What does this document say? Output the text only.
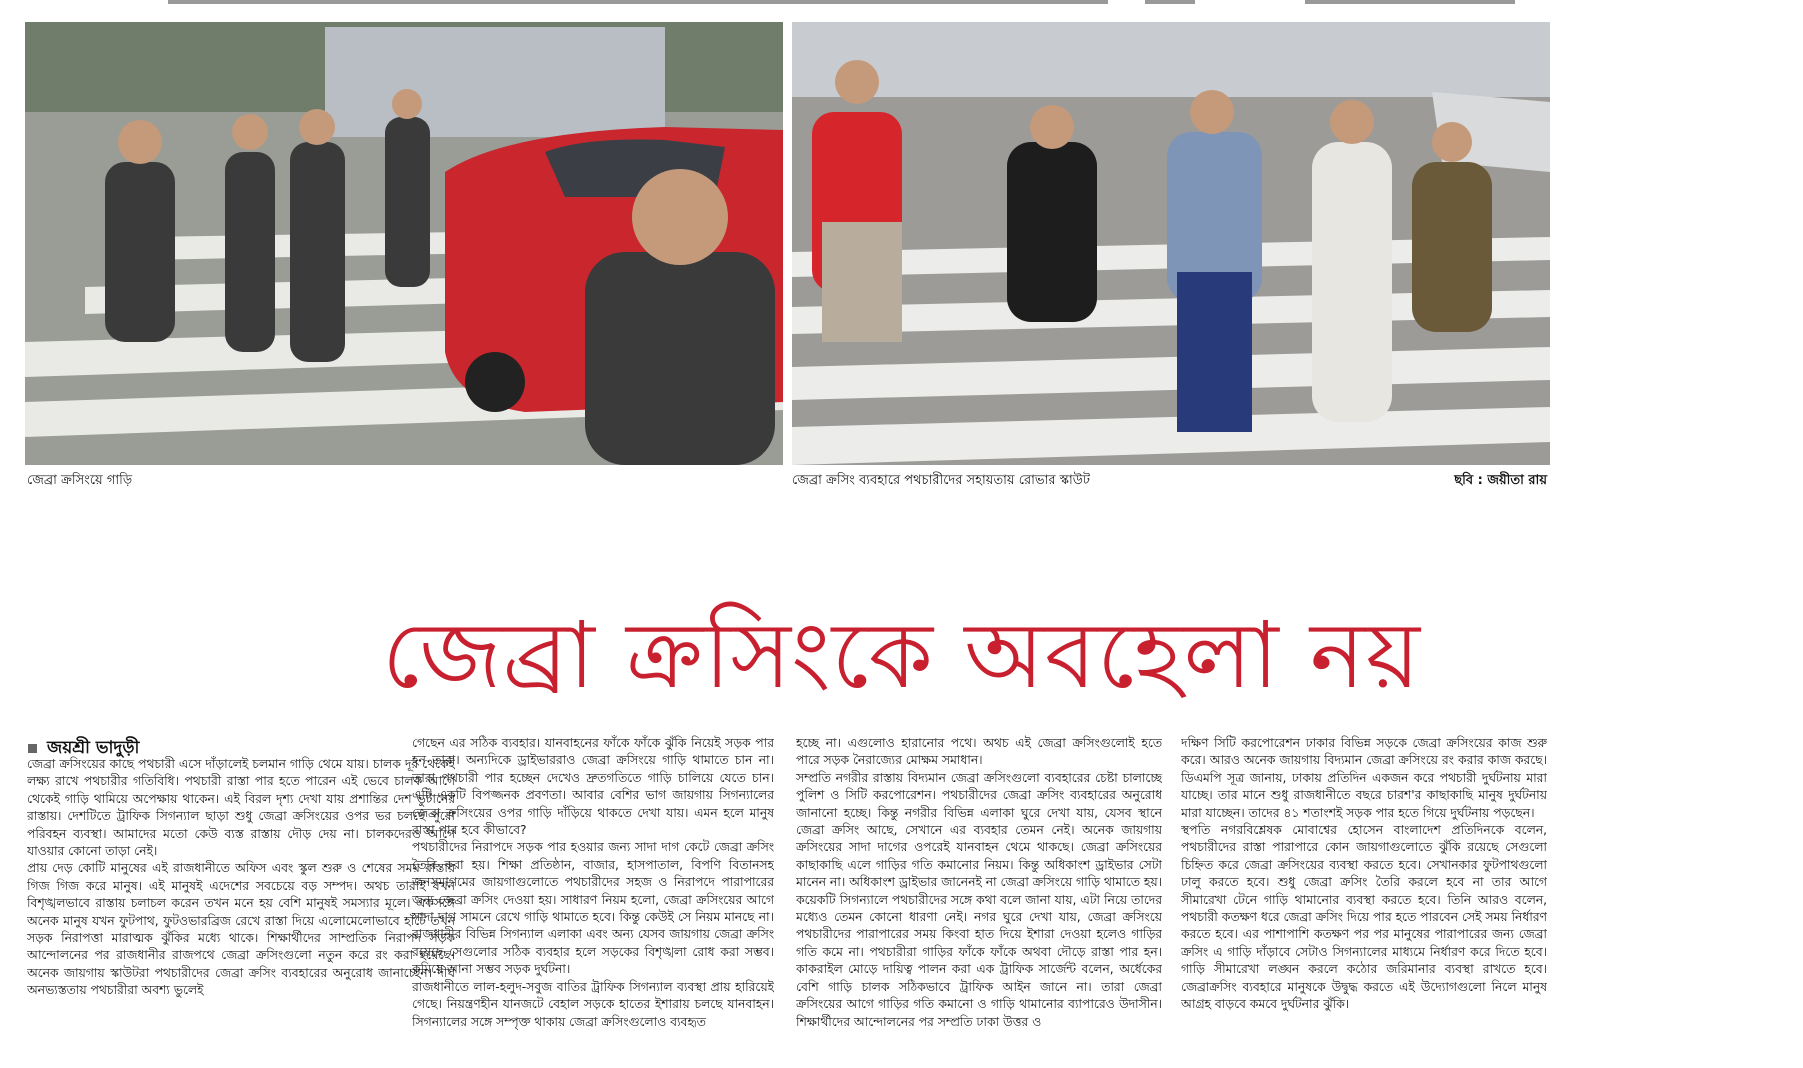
জেব্রা ক্রসিংয়ে গাড়ি	জেব্রা ক্রসিং ব্যবহারে পথচারীদের সহায়তায় রোভার স্কাউট	ছবি : জয়ীতা রায়
জেব্রা ক্রসিংকে অবহেলা নয়
জয়শ্রী ভাদুড়ী

জেব্রা ক্রসিংয়ের কাছে পথচারী এসে দাঁড়ালেই চলমান গাড়ি থেমে যায়। চালক দূর থেকেই লক্ষ্য রাখে পথচারীর গতিবিধি। পথচারী রাস্তা পার হতে পারেন এই ভেবে চালক আগে থেকেই গাড়ি থামিয়ে অপেক্ষায় থাকেন। এই বিরল দৃশ্য দেখা যায় প্রশান্তির দেশ ভুটানের রাস্তায়। দেশটিতে ট্রাফিক সিগন্যাল ছাড়া শুধু জেব্রা ক্রসিংয়ের ওপর ভর চলছে পুরো পরিবহন ব্যবস্থা। আমাদের মতো কেউ ব্যস্ত রাস্তায় দৌড় দেয় না। চালকদেরও আগে যাওয়ার কোনো তাড়া নেই।

প্রায় দেড় কোটি মানুষের এই রাজধানীতে অফিস এবং স্কুল শুরু ও শেষের সময় রাস্তায় গিজ গিজ করে মানুষ। এই মানুষই এদেশের সবচেয়ে বড় সম্পদ। অথচ তারাই যখন বিশৃঙ্খলভাবে রাস্তায় চলাচল করেন তখন মনে হয় বেশি মানুষই সমস্যার মূলে। একসঙ্গে অনেক মানুষ যখন ফুটপাথ, ফুটওভারব্রিজ রেখে রাস্তা দিয়ে এলোমেলোভাবে হাঁটে তখন সড়ক নিরাপত্তা মারাত্মক ঝুঁকির মধ্যে থাকে। শিক্ষার্থীদের সাম্প্রতিক নিরাপদ সড়ক আন্দোলনের পর রাজধানীর রাজপথে জেব্রা ক্রসিংগুলো নতুন করে রং করা হয়েছে। অনেক জায়গায় স্কাউটরা পথচারীদের জেব্রা ক্রসিং ব্যবহারের অনুরোধ জানাচ্ছেন। দীর্ঘ অনভ্যস্ততায় পথচারীরা অবশ্য ভুলেই

গেছেন এর সঠিক ব্যবহার। যানবাহনের ফাঁকে ফাঁকে ঝুঁকি নিয়েই সড়ক পার হন তারা। অন্যদিকে ড্রাইভাররাও জেব্রা ক্রসিংয়ে গাড়ি থামাতে চান না। তারা পথচারী পার হচ্ছেন দেখেও দ্রুতগতিতে গাড়ি চালিয়ে যেতে চান। এটি একটি বিপজ্জনক প্রবণতা। আবার বেশির ভাগ জায়গায় সিগন্যালের জেব্রা ক্রসিংয়ের ওপর গাড়ি দাঁড়িয়ে থাকতে দেখা যায়। এমন হলে মানুষ রাস্তা পার হবে কীভাবে?

পথচারীদের নিরাপদে সড়ক পার হওয়ার জন্য সাদা দাগ কেটে জেব্রা ক্রসিং তৈরি করা হয়। শিক্ষা প্রতিষ্ঠান, বাজার, হাসপাতাল, বিপণি বিতানসহ জনসমাগমের জায়গাগুলোতে পথচারীদের সহজ ও নিরাপদে পারাপারের জন্য জেব্রা ক্রসিং দেওয়া হয়। সাধারণ নিয়ম হলো, জেব্রা ক্রসিংয়ের আগে সাদা দাগ সামনে রেখে গাড়ি থামাতে হবে। কিন্তু কেউই সে নিয়ম মানছে না। রাজধানীর বিভিন্ন সিগন্যাল এলাকা এবং অন্য যেসব জায়গায় জেব্রা ক্রসিং রয়েছে সেগুলোর সঠিক ব্যবহার হলে সড়কের বিশৃঙ্খলা রোধ করা সম্ভব। কমিয়ে আনা সম্ভব সড়ক দুর্ঘটনা।

রাজধানীতে লাল-হলুদ-সবুজ বাতির ট্রাফিক সিগন্যাল ব্যবস্থা প্রায় হারিয়েই গেছে। নিয়ন্ত্রণহীন যানজটে বেহাল সড়কে হাতের ইশারায় চলছে যানবাহন। সিগন্যালের সঙ্গে সম্পৃক্ত থাকায় জেব্রা ক্রসিংগুলোও ব্যবহৃত

হচ্ছে না। এগুলোও হারানোর পথে। অথচ এই জেব্রা ক্রসিংগুলোই হতে পারে সড়ক নৈরাজ্যের মোক্ষম সমাধান।

সম্প্রতি নগরীর রাস্তায় বিদ্যমান জেব্রা ক্রসিংগুলো ব্যবহারের চেষ্টা চালাচ্ছে পুলিশ ও সিটি করপোরেশন। পথচারীদের জেব্রা ক্রসিং ব্যবহারের অনুরোধ জানানো হচ্ছে। কিন্তু নগরীর বিভিন্ন এলাকা ঘুরে দেখা যায়, যেসব স্থানে জেব্রা ক্রসিং আছে, সেখানে এর ব্যবহার তেমন নেই। অনেক জায়গায় ক্রসিংয়ের সাদা দাগের ওপরেই যানবাহন থেমে থাকছে। জেব্রা ক্রসিংয়ের কাছাকাছি এলে গাড়ির গতি কমানোর নিয়ম। কিন্তু অধিকাংশ ড্রাইভার সেটা মানেন না। অধিকাংশ ড্রাইভার জানেনই না জেব্রা ক্রসিংয়ে গাড়ি থামাতে হয়। কয়েকটি সিগন্যালে পথচারীদের সঙ্গে কথা বলে জানা যায়, এটা নিয়ে তাদের মধ্যেও তেমন কোনো ধারণা নেই। নগর ঘুরে দেখা যায়, জেব্রা ক্রসিংয়ে পথচারীদের পারাপারের সময় কিংবা হাত দিয়ে ইশারা দেওয়া হলেও গাড়ির গতি কমে না। পথচারীরা গাড়ির ফাঁকে ফাঁকে অথবা দৌড়ে রাস্তা পার হন। কাকরাইল মোড়ে দায়িত্ব পালন করা এক ট্রাফিক সার্জেন্ট বলেন, অর্ধেকের বেশি গাড়ি চালক সঠিকভাবে ট্রাফিক আইন জানে না। তারা জেব্রা ক্রসিংয়ের আগে গাড়ির গতি কমানো ও গাড়ি থামানোর ব্যাপারেও উদাসীন। শিক্ষার্থীদের আন্দোলনের পর সম্প্রতি ঢাকা উত্তর ও

দক্ষিণ সিটি করপোরেশন ঢাকার বিভিন্ন সড়কে জেব্রা ক্রসিংয়ের কাজ শুরু করে। আরও অনেক জায়গায় বিদ্যমান জেব্রা ক্রসিংয়ে রং করার কাজ করছে। ডিএমপি সূত্র জানায়, ঢাকায় প্রতিদিন একজন করে পথচারী দুর্ঘটনায় মারা যাচ্ছে। তার মানে শুধু রাজধানীতে বছরে চারশ'র কাছাকাছি মানুষ দুর্ঘটনায় মারা যাচ্ছেন। তাদের ৪১ শতাংশই সড়ক পার হতে গিয়ে দুর্ঘটনায় পড়ছেন।

স্থপতি নগরবিশ্লেষক মোবাশ্বের হোসেন বাংলাদেশ প্রতিদিনকে বলেন, পথচারীদের রাস্তা পারাপারে কোন জায়গাগুলোতে ঝুঁকি রয়েছে সেগুলো চিহ্নিত করে জেব্রা ক্রসিংয়ের ব্যবস্থা করতে হবে। সেখানকার ফুটপাথগুলো ঢালু করতে হবে। শুধু জেব্রা ক্রসিং তৈরি করলে হবে না তার আগে সীমারেখা টেনে গাড়ি থামানোর ব্যবস্থা করতে হবে। তিনি আরও বলেন, পথচারী কতক্ষণ ধরে জেব্রা ক্রসিং দিয়ে পার হতে পারবেন সেই সময় নির্ধারণ করতে হবে। এর পাশাপাশি কতক্ষণ পর পর মানুষের পারাপারের জন্য জেব্রা ক্রসিং এ গাড়ি দাঁড়াবে সেটাও সিগন্যালের মাধ্যমে নির্ধারণ করে দিতে হবে। গাড়ি সীমারেখা লঙ্ঘন করলে কঠোর জরিমানার ব্যবস্থা রাখতে হবে। জেব্রাক্রসিং ব্যবহারে মানুষকে উদ্বুদ্ধ করতে এই উদ্যোগগুলো নিলে মানুষ আগ্রহ বাড়বে কমবে দুর্ঘটনার ঝুঁকি।
